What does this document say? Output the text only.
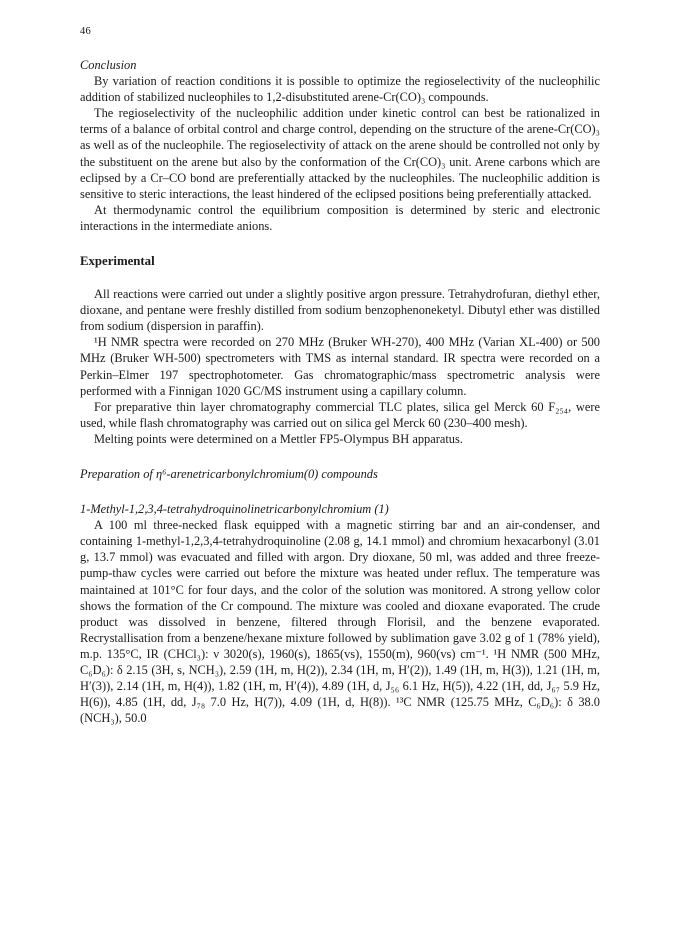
46
Conclusion

By variation of reaction conditions it is possible to optimize the regioselectivity of the nucleophilic addition of stabilized nucleophiles to 1,2-disubstituted arene-Cr(CO)₃ compounds.

The regioselectivity of the nucleophilic addition under kinetic control can best be rationalized in terms of a balance of orbital control and charge control, depending on the structure of the arene-Cr(CO)₃ as well as of the nucleophile. The regioselectivity of attack on the arene should be controlled not only by the substituent on the arene but also by the conformation of the Cr(CO)₃ unit. Arene carbons which are eclipsed by a Cr–CO bond are preferentially attacked by the nucleophiles. The nucleophilic addition is sensitive to steric interactions, the least hindered of the eclipsed positions being preferentially attacked.

At thermodynamic control the equilibrium composition is determined by steric and electronic interactions in the intermediate anions.

Experimental

All reactions were carried out under a slightly positive argon pressure. Tetrahydrofuran, diethyl ether, dioxane, and pentane were freshly distilled from sodium benzophenoneketyl. Dibutyl ether was distilled from sodium (dispersion in paraffin).

¹H NMR spectra were recorded on 270 MHz (Bruker WH-270), 400 MHz (Varian XL-400) or 500 MHz (Bruker WH-500) spectrometers with TMS as internal standard. IR spectra were recorded on a Perkin–Elmer 197 spectrophotometer. Gas chromatographic/mass spectrometric analysis were performed with a Finnigan 1020 GC/MS instrument using a capillary column.

For preparative thin layer chromatography commercial TLC plates, silica gel Merck 60 F₂₅₄, were used, while flash chromatography was carried out on silica gel Merck 60 (230–400 mesh).

Melting points were determined on a Mettler FP5-Olympus BH apparatus.

Preparation of η⁶-arenetricarbonylchromium(0) compounds
1-Methyl-1,2,3,4-tetrahydroquinolinetricarbonylchromium (1)

A 100 ml three-necked flask equipped with a magnetic stirring bar and an air-condenser, and containing 1-methyl-1,2,3,4-tetrahydroquinoline (2.08 g, 14.1 mmol) and chromium hexacarbonyl (3.01 g, 13.7 mmol) was evacuated and filled with argon. Dry dioxane, 50 ml, was added and three freeze-pump-thaw cycles were carried out before the mixture was heated under reflux. The temperature was maintained at 101°C for four days, and the color of the solution was monitored. A strong yellow color shows the formation of the Cr compound. The mixture was cooled and dioxane evaporated. The crude product was dissolved in benzene, filtered through Florisil, and the benzene evaporated. Recrystallisation from a benzene/hexane mixture followed by sublimation gave 3.02 g of 1 (78% yield), m.p. 135°C, IR (CHCl₃): ν 3020(s), 1960(s), 1865(vs), 1550(m), 960(vs) cm⁻¹. ¹H NMR (500 MHz, C₆D₆): δ 2.15 (3H, s, NCH₃), 2.59 (1H, m, H(2)), 2.34 (1H, m, H′(2)), 1.49 (1H, m, H(3)), 1.21 (1H, m, H′(3)), 2.14 (1H, m, H(4)), 1.82 (1H, m, H′(4)), 4.89 (1H, d, J₅₆ 6.1 Hz, H(5)), 4.22 (1H, dd, J₆₇ 5.9 Hz, H(6)), 4.85 (1H, dd, J₇₈ 7.0 Hz, H(7)), 4.09 (1H, d, H(8)). ¹³C NMR (125.75 MHz, C₆D₆): δ 38.0 (NCH₃), 50.0
